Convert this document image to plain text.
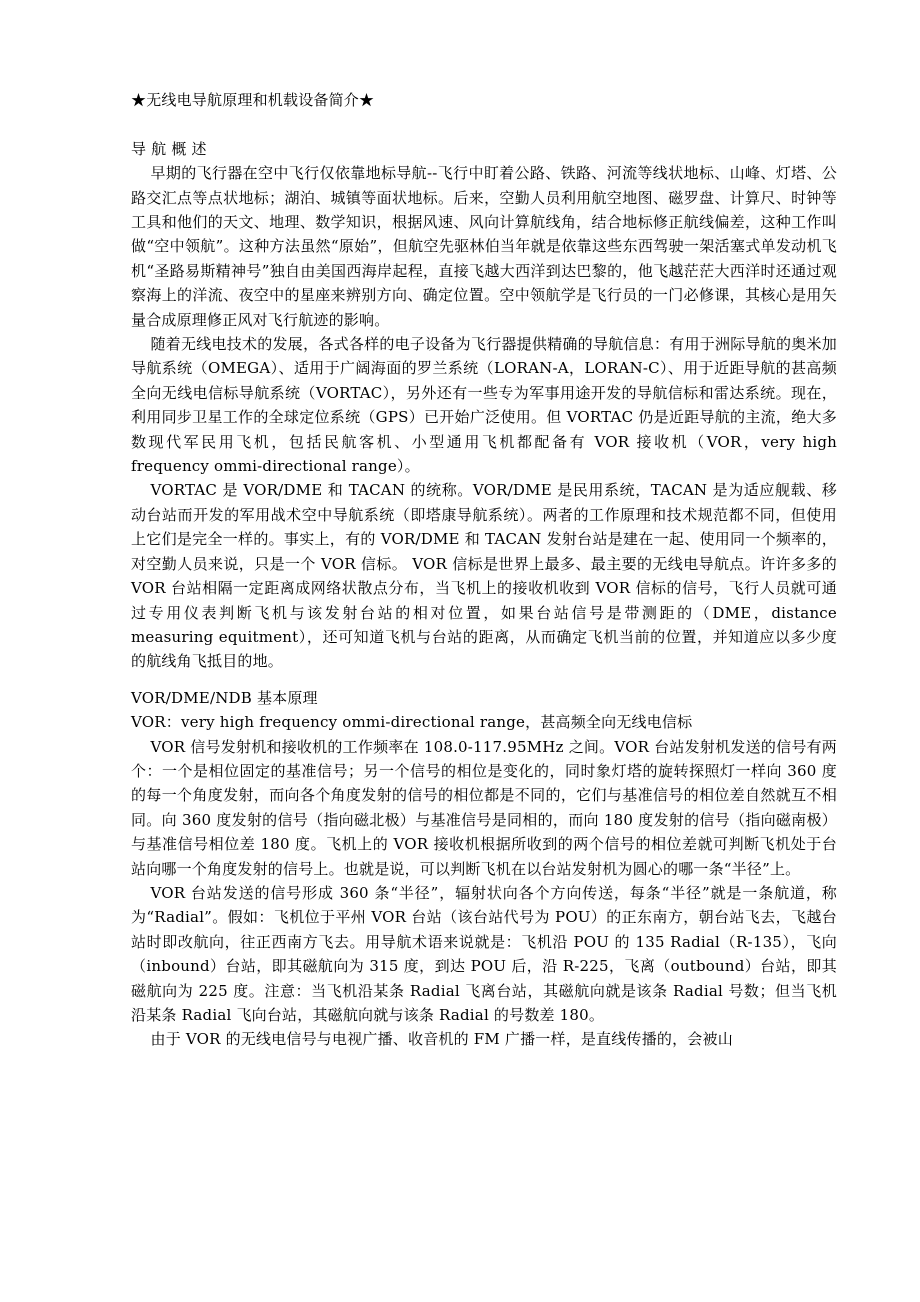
★无线电导航原理和机载设备简介★

导 航 概 述

早期的飞行器在空中飞行仅依靠地标导航--飞行中盯着公路、铁路、河流等线状地标、山峰、灯塔、公路交汇点等点状地标；湖泊、城镇等面状地标。后来，空勤人员利用航空地图、磁罗盘、计算尺、时钟等工具和他们的天文、地理、数学知识，根据风速、风向计算航线角，结合地标修正航线偏差，这种工作叫做“空中领航”。这种方法虽然“原始”，但航空先驱林伯当年就是依靠这些东西驾驶一架活塞式单发动机飞机“圣路易斯精神号”独自由美国西海岸起程，直接飞越大西洋到达巴黎的，他飞越茫茫大西洋时还通过观察海上的洋流、夜空中的星座来辨别方向、确定位置。空中领航学是飞行员的一门必修课，其核心是用矢量合成原理修正风对飞行航迹的影响。

随着无线电技术的发展，各式各样的电子设备为飞行器提供精确的导航信息：有用于洲际导航的奥米加导航系统（OMEGA）、适用于广阔海面的罗兰系统（LORAN-A，LORAN-C）、用于近距导航的甚高频全向无线电信标导航系统（VORTAC），另外还有一些专为军事用途开发的导航信标和雷达系统。现在，利用同步卫星工作的全球定位系统（GPS）已开始广泛使用。但 VORTAC 仍是近距导航的主流，绝大多数现代军民用飞机，包括民航客机、小型通用飞机都配备有 VOR 接收机（VOR，very high frequency ommi-directional range）。

VORTAC 是 VOR/DME 和 TACAN 的统称。VOR/DME 是民用系统，TACAN 是为适应舰载、移动台站而开发的军用战术空中导航系统（即塔康导航系统）。两者的工作原理和技术规范都不同，但使用上它们是完全一样的。事实上，有的 VOR/DME 和 TACAN 发射台站是建在一起、使用同一个频率的，对空勤人员来说，只是一个 VOR 信标。 VOR 信标是世界上最多、最主要的无线电导航点。许许多多的 VOR 台站相隔一定距离成网络状散点分布，当飞机上的接收机收到 VOR 信标的信号，飞行人员就可通过专用仪表判断飞机与该发射台站的相对位置，如果台站信号是带测距的（DME，distance measuring equitment），还可知道飞机与台站的距离，从而确定飞机当前的位置，并知道应以多少度的航线角飞抵目的地。

VOR/DME/NDB 基本原理

VOR：very high frequency ommi-directional range，甚高频全向无线电信标

VOR 信号发射机和接收机的工作频率在 108.0-117.95MHz 之间。VOR 台站发射机发送的信号有两个：一个是相位固定的基准信号；另一个信号的相位是变化的，同时象灯塔的旋转探照灯一样向 360 度的每一个角度发射，而向各个角度发射的信号的相位都是不同的，它们与基准信号的相位差自然就互不相同。向 360 度发射的信号（指向磁北极）与基准信号是同相的，而向 180 度发射的信号（指向磁南极）与基准信号相位差 180 度。飞机上的 VOR 接收机根据所收到的两个信号的相位差就可判断飞机处于台站向哪一个角度发射的信号上。也就是说，可以判断飞机在以台站发射机为圆心的哪一条“半径”上。

VOR 台站发送的信号形成 360 条“半径”，辐射状向各个方向传送，每条“半径”就是一条航道，称为“Radial”。假如：飞机位于平州 VOR 台站（该台站代号为 POU）的正东南方，朝台站飞去，飞越台站时即改航向，往正西南方飞去。用导航术语来说就是：飞机沿 POU 的 135 Radial（R-135），飞向（inbound）台站，即其磁航向为 315 度，到达 POU 后，沿 R-225，飞离（outbound）台站，即其磁航向为 225 度。注意：当飞机沿某条 Radial 飞离台站，其磁航向就是该条 Radial 号数；但当飞机沿某条 Radial 飞向台站，其磁航向就与该条 Radial 的号数差 180。

由于 VOR 的无线电信号与电视广播、收音机的 FM 广播一样，是直线传播的，会被山
